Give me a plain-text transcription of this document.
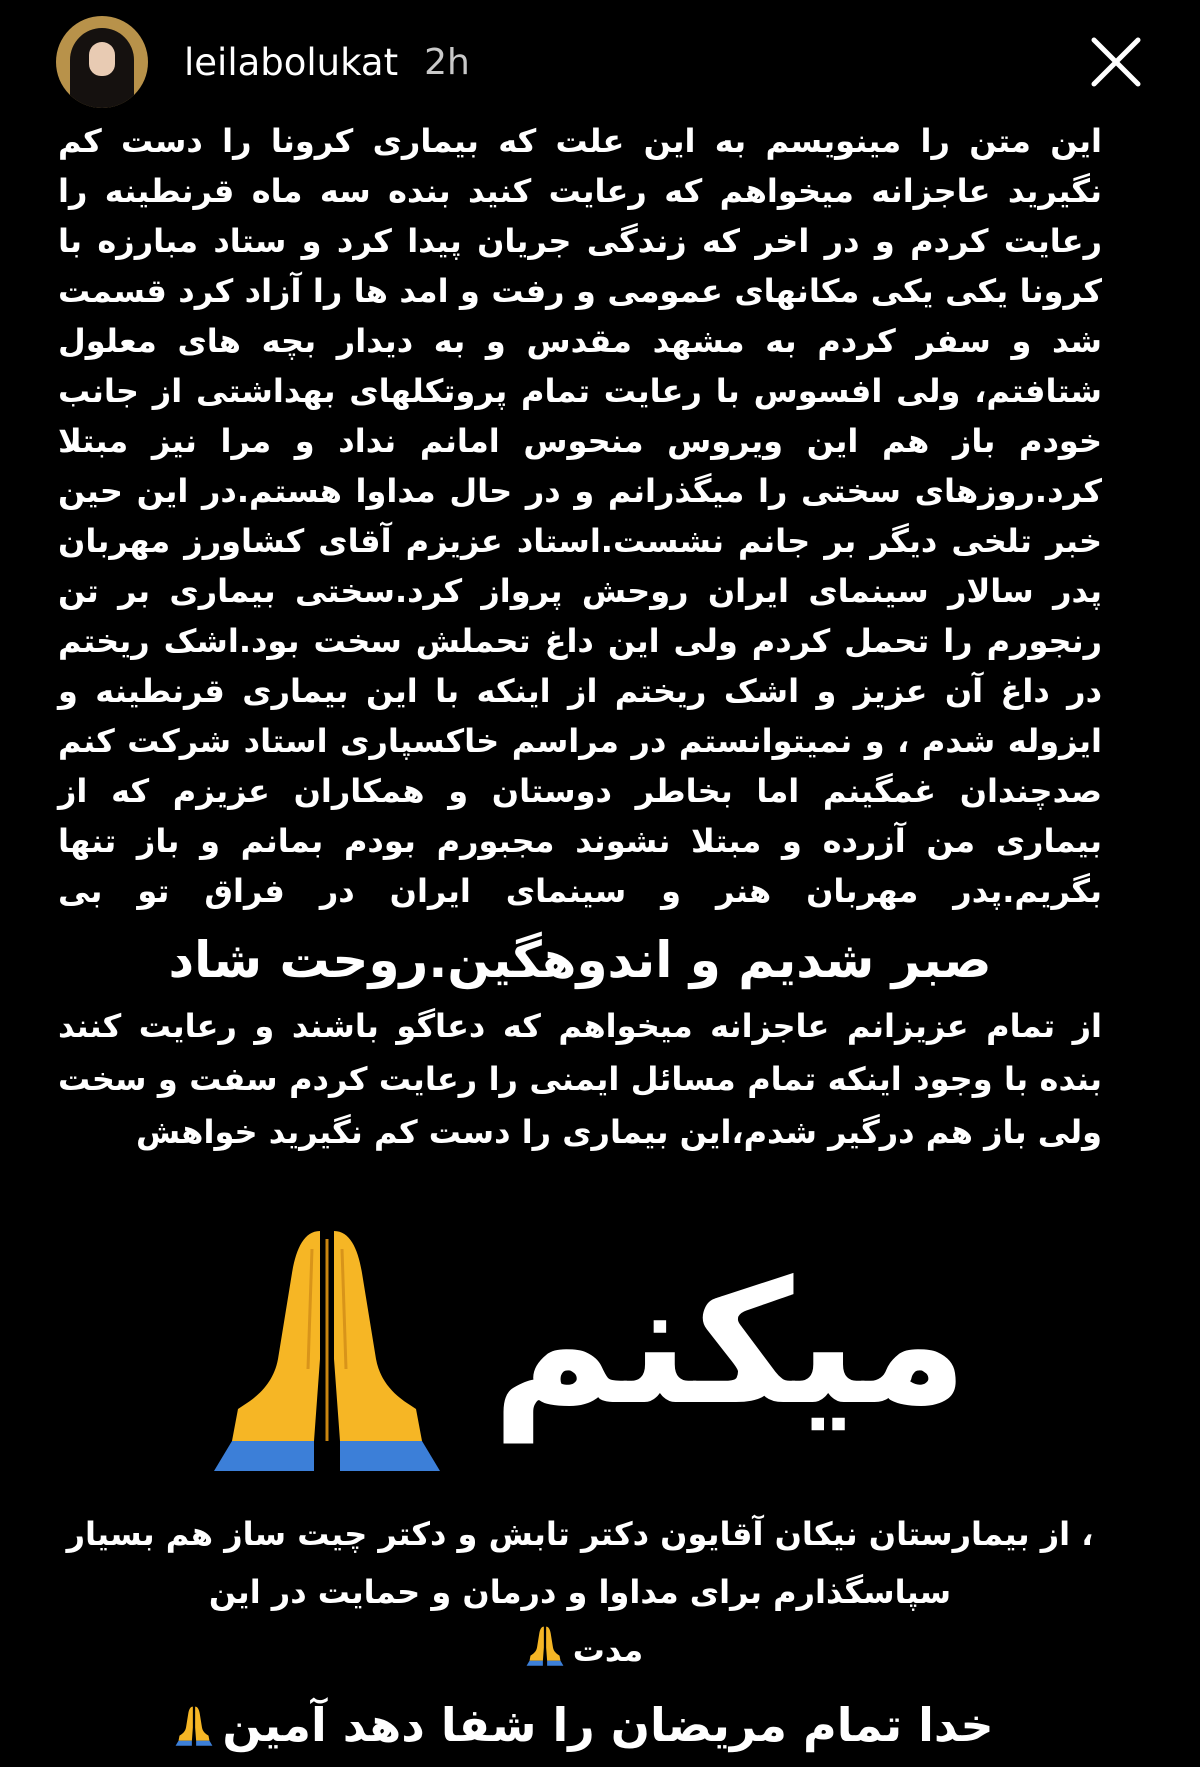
leilabolukat 2h
این متن را مینویسم به این علت که بیماری کرونا را دست کم نگیرید عاجزانه میخواهم که رعایت کنید بنده سه ماه قرنطینه را رعایت کردم و در اخر که زندگی جریان پیدا کرد و ستاد مبارزه با کرونا یکی یکی مکانهای عمومی و رفت و امد ها را آزاد کرد قسمت شد و سفر کردم به مشهد مقدس و به دیدار بچه های معلول شتافتم، ولی افسوس با رعایت تمام پروتکلهای بهداشتی از جانب خودم باز هم این ویروس منحوس امانم نداد و مرا نیز مبتلا کرد.روزهای سختی را میگذرانم و در حال مداوا هستم.در این حین خبر تلخی دیگر بر جانم نشست.استاد عزیزم آقای کشاورز مهربان پدر سالار سینمای ایران روحش پرواز کرد.سختی بیماری بر تن رنجورم را تحمل کردم ولی این داغ تحملش سخت بود.اشک ریختم در داغ آن عزیز و اشک ریختم از اینکه با این بیماری قرنطینه و ایزوله شدم ، و نمیتوانستم در مراسم خاکسپاری استاد شرکت کنم صدچندان غمگینم اما بخاطر دوستان و همکاران عزیزم که از بیماری من آزرده و مبتلا نشوند مجبورم بودم بمانم و باز تنها بگریم.پدر مهربان هنر و سینمای ایران در فراق تو بی
صبر شدیم و اندوهگین.روحت شاد
از تمام عزیزانم عاجزانه میخواهم که دعاگو باشند و رعایت کنند بنده با وجود اینکه تمام مسائل ایمنی را رعایت کردم سفت و سخت ولی باز هم درگیر شدم،این بیماری را دست کم نگیرید خواهش
میکنم
، از بیمارستان نیکان آقایون دکتر تابش و دکتر چیت ساز هم بسیار
سپاسگذارم برای مداوا و درمان و حمایت در این
مدت
خدا تمام مریضان را شفا دهد آمین
